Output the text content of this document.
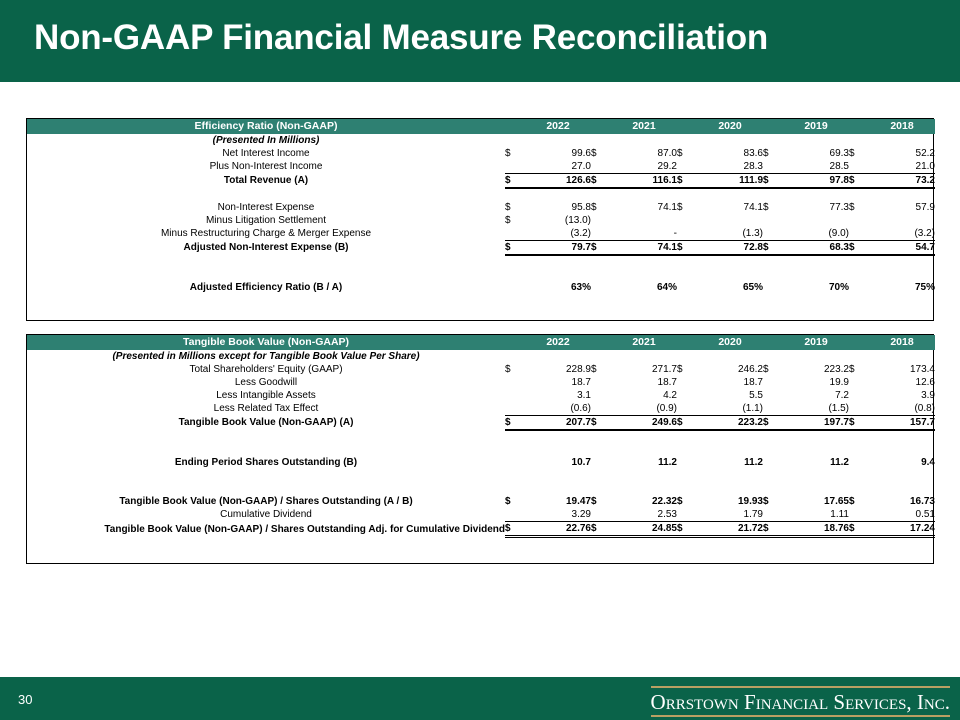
Non-GAAP Financial Measure Reconciliation
Efficiency Ratio (Non-GAAP)		2022		2021		2020		2019		2018
(Presented In Millions)										
Net Interest Income	$	99.6	$	87.0	$	83.6	$	69.3	$	52.2
Plus Non-Interest Income		27.0		29.2		28.3		28.5		21.0
Total Revenue (A)	$	126.6	$	116.1	$	111.9	$	97.8	$	73.2

Non-Interest Expense	$	95.8	$	74.1	$	74.1	$	77.3	$	57.9
Minus Litigation Settlement	$	(13.0)								
Minus Restructuring Charge & Merger Expense		(3.2)		-		(1.3)		(9.0)		(3.2)
Adjusted Non-Interest Expense (B)	$	79.7	$	74.1	$	72.8	$	68.3	$	54.7

Adjusted Efficiency Ratio (B / A)		63%		64%		65%		70%		75%

Tangible Book Value (Non-GAAP)		2022		2021		2020		2019		2018
(Presented in Millions except for Tangible Book Value Per Share)										
Total Shareholders' Equity (GAAP)	$	228.9	$	271.7	$	246.2	$	223.2	$	173.4
Less Goodwill		18.7		18.7		18.7		19.9		12.6
Less Intangible Assets		3.1		4.2		5.5		7.2		3.9
Less Related Tax Effect		(0.6)		(0.9)		(1.1)		(1.5)		(0.8)
Tangible Book Value (Non-GAAP) (A)	$	207.7	$	249.6	$	223.2	$	197.7	$	157.7

Ending Period Shares Outstanding (B)		10.7		11.2		11.2		11.2		9.4

Tangible Book Value (Non-GAAP) / Shares Outstanding (A / B)	$	19.47	$	22.32	$	19.93	$	17.65	$	16.73
Cumulative Dividend		3.29		2.53		1.79		1.11		0.51
Tangible Book Value (Non-GAAP) / Shares Outstanding Adj. for Cumulative Dividend	$	22.76	$	24.85	$	21.72	$	18.76	$	17.24

30	Orrstown Financial Services, Inc.
